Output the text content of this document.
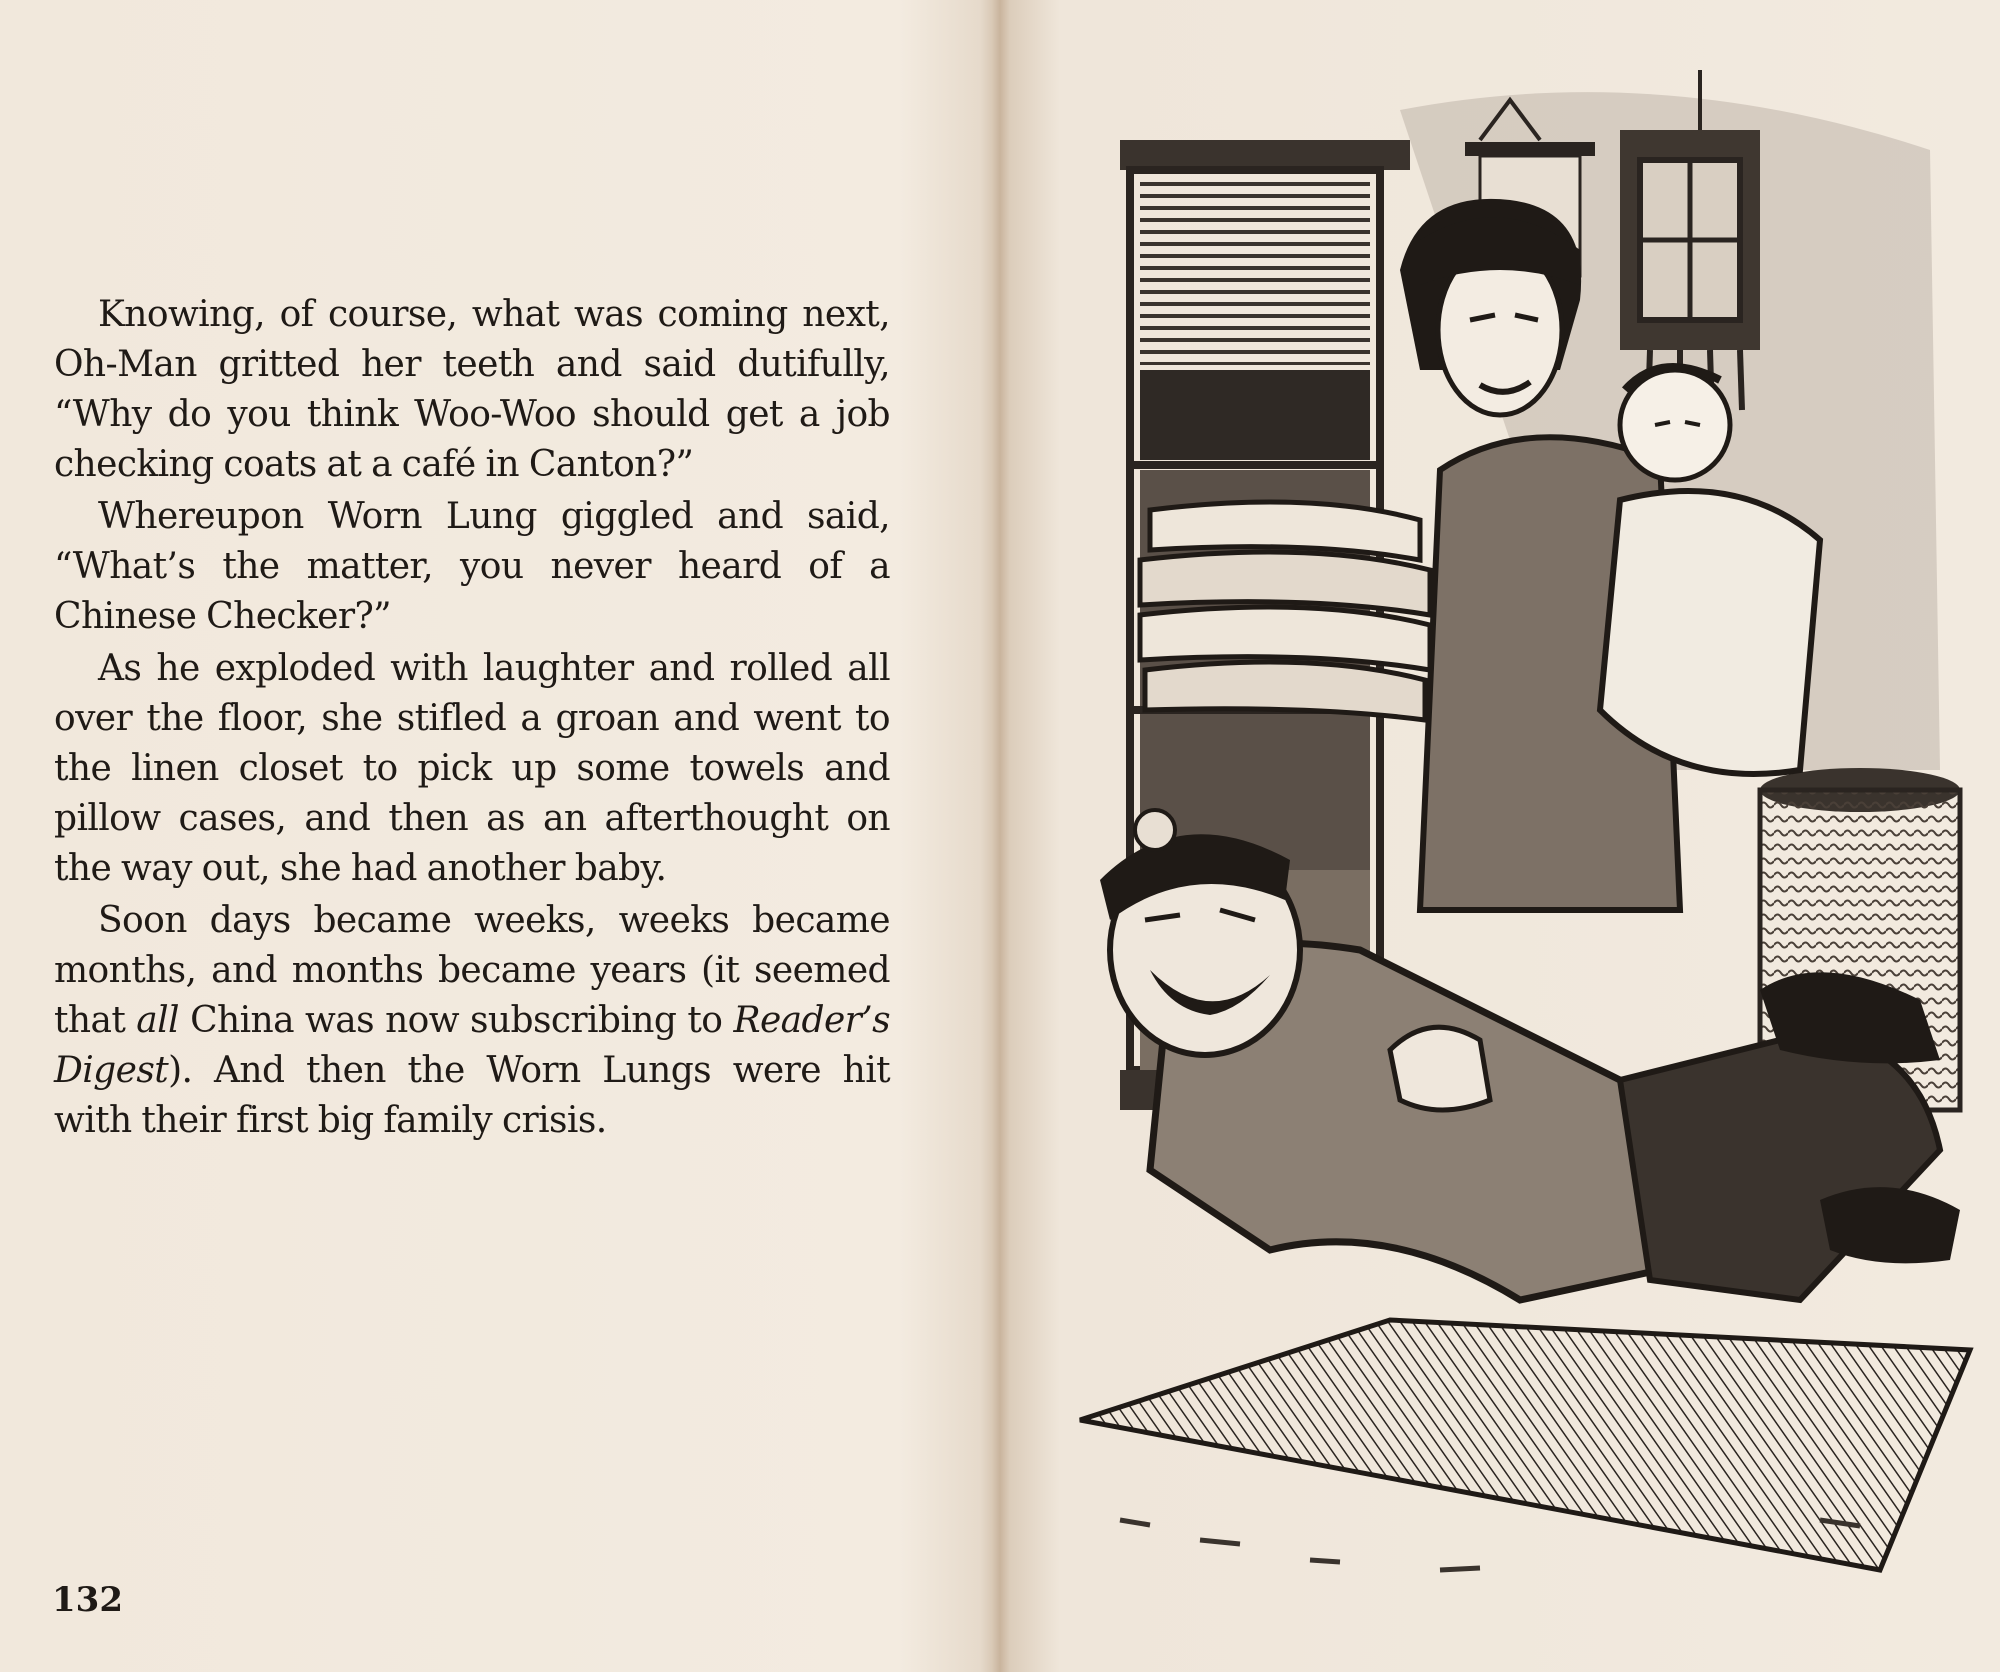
Knowing, of course, what was coming next, Oh-Man gritted her teeth and said dutifully, “Why do you think Woo-Woo should get a job checking coats at a café in Canton?”

Whereupon Worn Lung giggled and said, “What’s the matter, you never heard of a Chinese Checker?”

As he exploded with laughter and rolled all over the floor, she stifled a groan and went to the linen closet to pick up some towels and pillow cases, and then as an afterthought on the way out, she had another baby.

Soon days became weeks, weeks became months, and months became years (it seemed that all China was now subscribing to Reader’s Digest). And then the Worn Lungs were hit with their first big family crisis.

132
